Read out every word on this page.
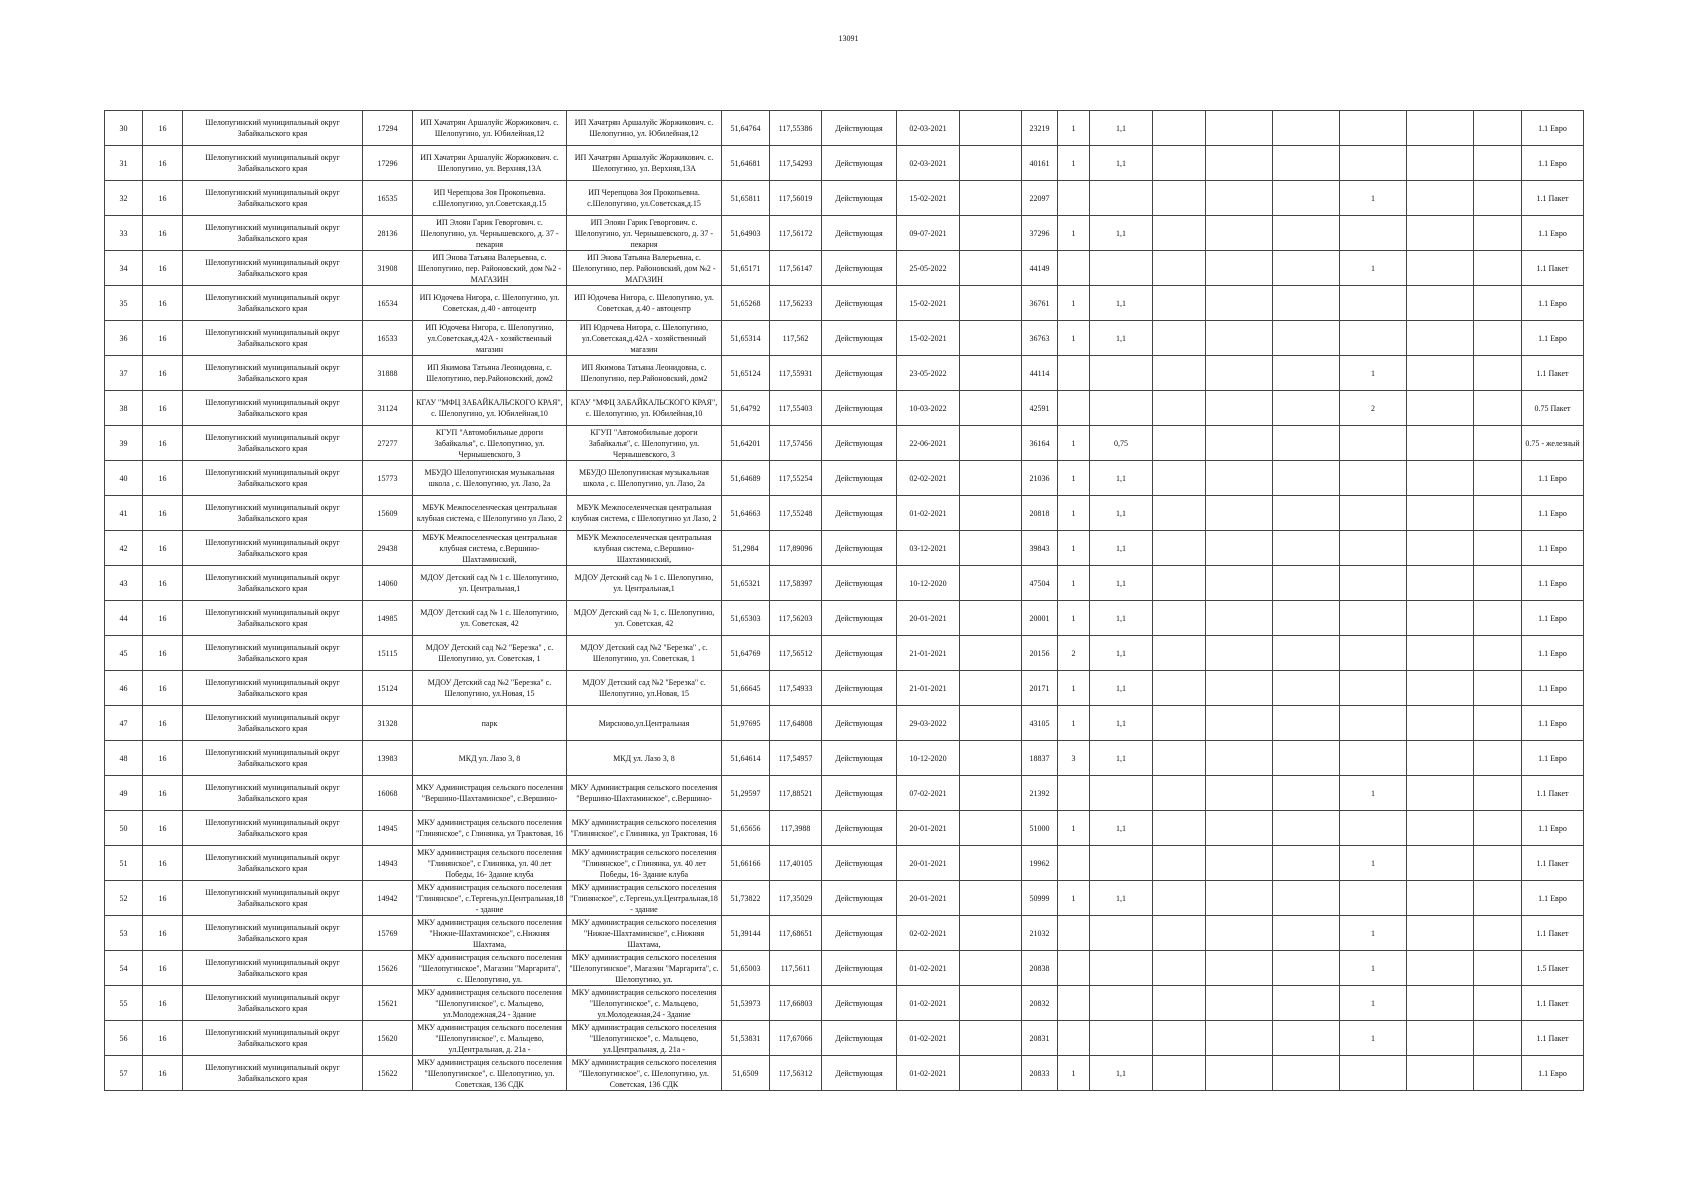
13091
30	16	Шелопугинский муниципальный округ Забайкальского края	17294	ИП Хачатрян Аршалуйс Жоржикович. с. Шелопугино, ул. Юбилейная,12	ИП Хачатрян Аршалуйс Жоржикович. с. Шелопугино, ул. Юбилейная,12	51,64764	117,55386	Действующая	02-03-2021		23219	1	1,1							1.1 Евро

31	16	Шелопугинский муниципальный округ Забайкальского края	17296	ИП Хачатрян Аршалуйс Жоржикович. с. Шелопугино, ул. Верхняя,13А	ИП Хачатрян Аршалуйс Жоржикович. с. Шелопугино, ул. Верхняя,13А	51,64681	117,54293	Действующая	02-03-2021		40161	1	1,1							1.1 Евро

32	16	Шелопугинский муниципальный округ Забайкальского края	16535	ИП Черепцова Зоя Прокопьевна. с.Шелопугино, ул.Советская,д.15	ИП Черепцова Зоя Прокопьевна. с.Шелопугино, ул.Советская,д.15	51,65811	117,56019	Действующая	15-02-2021		22097						1			1.1 Пакет

33	16	Шелопугинский муниципальный округ Забайкальского края	28136	ИП Элоян Гарик Геворгович. с. Шелопугино, ул. Чернышевского, д. 37 - пекарня	ИП Элоян Гарик Геворгович. с. Шелопугино, ул. Чернышевского, д. 37 - пекарня	51,64903	117,56172	Действующая	09-07-2021		37296	1	1,1							1.1 Евро

34	16	Шелопугинский муниципальный округ Забайкальского края	31908	ИП Энова Татьяна Валерьевна, с. Шелопугино, пер. Районовский, дом №2 - МАГАЗИН	ИП Энова Татьяна Валерьевна, с. Шелопугино, пер. Районовский, дом №2 - МАГАЗИН	51,65171	117,56147	Действующая	25-05-2022		44149						1			1.1 Пакет

35	16	Шелопугинский муниципальный округ Забайкальского края	16534	ИП Юдочева Нигора, с. Шелопугино, ул. Советская, д.40 - автоцентр	ИП Юдочева Нигора, с. Шелопугино, ул. Советская, д.40 - автоцентр	51,65268	117,56233	Действующая	15-02-2021		36761	1	1,1							1.1 Евро

36	16	Шелопугинский муниципальный округ Забайкальского края	16533	ИП Юдочева Нигора, с. Шелопугино, ул.Советская,д.42А - хозяйственный магазин	ИП Юдочева Нигора, с. Шелопугино, ул.Советская,д.42А - хозяйственный магазин	51,65314	117,562	Действующая	15-02-2021		36763	1	1,1							1.1 Евро

37	16	Шелопугинский муниципальный округ Забайкальского края	31888	ИП Якимова Татьяна Леонидовна, с. Шелопугино, пер.Районовский, дом2	ИП Якимова Татьяна Леонидовна, с. Шелопугино, пер.Районовский, дом2	51,65124	117,55931	Действующая	23-05-2022		44114						1			1.1 Пакет

38	16	Шелопугинский муниципальный округ Забайкальского края	31124	КГАУ "МФЦ ЗАБАЙКАЛЬСКОГО КРАЯ", с. Шелопугино, ул. Юбилейная,10	КГАУ "МФЦ ЗАБАЙКАЛЬСКОГО КРАЯ", с. Шелопугино, ул. Юбилейная,10	51,64792	117,55403	Действующая	10-03-2022		42591						2			0.75 Пакет

39	16	Шелопугинский муниципальный округ Забайкальского края	27277	КГУП "Автомобильные дороги Забайкалья", с. Шелопугино, ул. Чернышевского, 3	КГУП "Автомобильные дороги Забайкалья", с. Шелопугино, ул. Чернышевского, 3	51,64201	117,57456	Действующая	22-06-2021		36164	1	0,75							0.75 - железный

40	16	Шелопугинский муниципальный округ Забайкальского края	15773	МБУДО Шелопугинская музыкальная школа , с. Шелопугино, ул. Лазо, 2а	МБУДО Шелопугинская музыкальная школа , с. Шелопугино, ул. Лазо, 2а	51,64689	117,55254	Действующая	02-02-2021		21036	1	1,1							1.1 Евро

41	16	Шелопугинский муниципальный округ Забайкальского края	15609	МБУК Межпоселенческая центральная клубная система, с Шелопугино ул Лазо, 2	МБУК Межпоселенческая центральная клубная система, с Шелопугино ул Лазо, 2	51,64663	117,55248	Действующая	01-02-2021		20818	1	1,1							1.1 Евро

42	16	Шелопугинский муниципальный округ Забайкальского края	29438	МБУК Межпоселенческая центральная клубная система, с.Вершино-Шахтаминский,	МБУК Межпоселенческая центральная клубная система, с.Вершино-Шахтаминский,	51,2984	117,89096	Действующая	03-12-2021		39843	1	1,1							1.1 Евро

43	16	Шелопугинский муниципальный округ Забайкальского края	14060	МДОУ Детский сад № 1 с. Шелопугино, ул. Центральная,1	МДОУ Детский сад № 1 с. Шелопугино, ул. Центральная,1	51,65321	117,58397	Действующая	10-12-2020		47504	1	1,1							1.1 Евро

44	16	Шелопугинский муниципальный округ Забайкальского края	14985	МДОУ Детский сад № 1 с. Шелопугино, ул. Советская, 42	МДОУ Детский сад № 1, с. Шелопугино, ул. Советская, 42	51,65303	117,56203	Действующая	20-01-2021		20001	1	1,1							1.1 Евро

45	16	Шелопугинский муниципальный округ Забайкальского края	15115	МДОУ Детский сад №2 "Березка" , с. Шелопугино, ул. Советская, 1	МДОУ Детский сад №2 "Березка" , с. Шелопугино, ул. Советская, 1	51,64769	117,56512	Действующая	21-01-2021		20156	2	1,1							1.1 Евро

46	16	Шелопугинский муниципальный округ Забайкальского края	15124	МДОУ Детский сад №2 "Березка" с. Шелопугино, ул.Новая, 15	МДОУ Детский сад №2 "Березка" с. Шелопугино, ул.Новая, 15	51,66645	117,54933	Действующая	21-01-2021		20171	1	1,1							1.1 Евро

47	16	Шелопугинский муниципальный округ Забайкальского края	31328	парк	Мирсново,ул.Центральная	51,97695	117,64808	Действующая	29-03-2022		43105	1	1,1							1.1 Евро

48	16	Шелопугинский муниципальный округ Забайкальского края	13983	МКД ул. Лазо 3, 8	МКД ул. Лазо 3, 8	51,64614	117,54957	Действующая	10-12-2020		18837	3	1,1							1.1 Евро

49	16	Шелопугинский муниципальный округ Забайкальского края	16068	МКУ Администрация сельского поселения "Вершино-Шахтаминское", с.Вершино-	МКУ Администрация сельского поселения "Вершино-Шахтаминское", с.Вершино-	51,29597	117,88521	Действующая	07-02-2021		21392						1			1.1 Пакет

50	16	Шелопугинский муниципальный округ Забайкальского края	14945	МКУ администрация сельского поселения "Глинянское", с Глинянка, ул Трактовая, 16	МКУ администрация сельского поселения "Глинянское", с Глинянка, ул Трактовая, 16	51,65656	117,3988	Действующая	20-01-2021		51000	1	1,1							1.1 Евро

51	16	Шелопугинский муниципальный округ Забайкальского края	14943	МКУ администрация сельского поселения "Глинянское", с Глинянка, ул. 40 лет Победы, 16- Здание клуба	МКУ администрация сельского поселения "Глинянское", с Глинянка, ул. 40 лет Победы, 16- Здание клуба	51,66166	117,40105	Действующая	20-01-2021		19962						1			1.1 Пакет

52	16	Шелопугинский муниципальный округ Забайкальского края	14942	МКУ администрация сельского поселения "Глинянское", с.Тергень,ул.Центральная,18 - здание	МКУ администрация сельского поселения "Глинянское", с.Тергень,ул.Центральная,18 - здание	51,73822	117,35029	Действующая	20-01-2021		50999	1	1,1							1.1 Евро

53	16	Шелопугинский муниципальный округ Забайкальского края	15769	МКУ администрация сельского поселения "Нижне-Шахтаминское", с.Нижняя Шахтама,	МКУ администрация сельского поселения "Нижне-Шахтаминское", с.Нижняя Шахтама,	51,39144	117,68651	Действующая	02-02-2021		21032						1			1.1 Пакет

54	16	Шелопугинский муниципальный округ Забайкальского края	15626	МКУ администрация сельского поселения "Шелопугинское", Магазин "Маргарита", с. Шелопугино, ул.	МКУ администрация сельского поселения "Шелопугинское", Магазин "Маргарита", с. Шелопугино, ул.	51,65003	117,5611	Действующая	01-02-2021		20838						1			1.5 Пакет

55	16	Шелопугинский муниципальный округ Забайкальского края	15621	МКУ администрация сельского поселения "Шелопугинское", с. Мальцево, ул.Молодежная,24 - Здание	МКУ администрация сельского поселения "Шелопугинское", с. Мальцево, ул.Молодежная,24 - Здание	51,53973	117,66803	Действующая	01-02-2021		20832						1			1.1 Пакет

56	16	Шелопугинский муниципальный округ Забайкальского края	15620	МКУ администрация сельского поселения "Шелопугинское", с. Мальцево, ул.Центральная, д. 21а -	МКУ администрация сельского поселения "Шелопугинское", с. Мальцево, ул.Центральная, д. 21а -	51,53831	117,67066	Действующая	01-02-2021		20831						1			1.1 Пакет

57	16	Шелопугинский муниципальный округ Забайкальского края	15622	МКУ администрация сельского поселения "Шелопугинское", с. Шелопугино, ул. Советская, 136 СДК	МКУ администрация сельского поселения "Шелопугинское", с. Шелопугино, ул. Советская, 136 СДК	51,6509	117,56312	Действующая	01-02-2021		20833	1	1,1							1.1 Евро
